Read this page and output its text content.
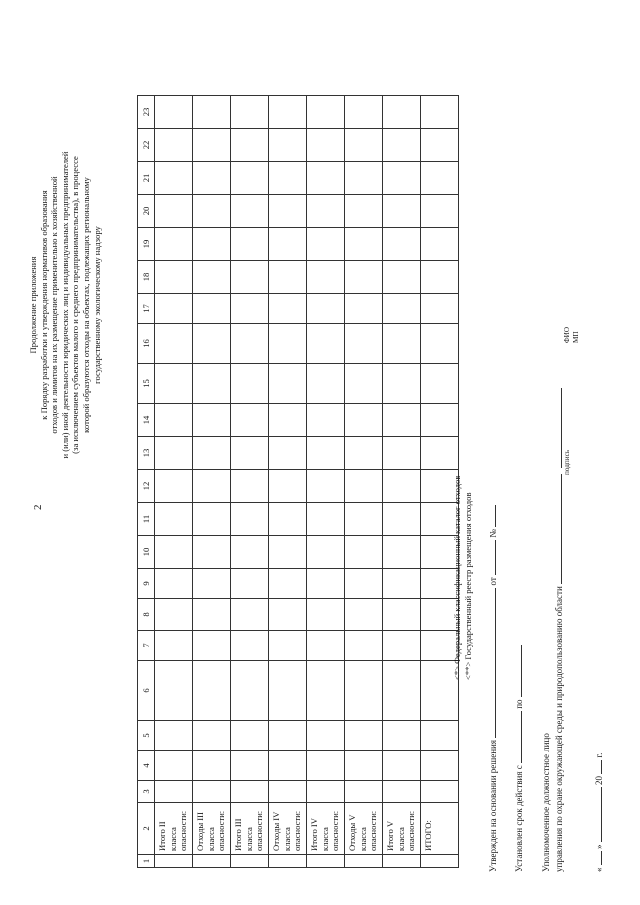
2
Продолжение приложения к Порядку разработки и утверждения нормативов образования отходов и лимитов на их размещение применительно к хозяйственной и (или) иной деятельности юридических лиц и индивидуальных предпринимателей (за исключением субъектов малого и среднего предпринимательства), в процессе которой образуются отходы на объектах, подлежащих региональному государственному экологическому надзору
1	2	3	4	5	6	7	8	9	10	11	12	13	14	15	16	17	18	19	20	21	22	23
	Итого II класса опасности:																					
	Отходы III класса опасности:																					
	Итого III класса опасности:																					
	Отходы IV класса опасности:																					
	Итого IV класса опасности:																					
	Отходы V класса опасности:																					
	Итого V класса опасности:																					
	ИТОГО:																					
<*> Федеральный классификационный каталог отходов <**> Государственный реестр размещения отходов
Утвержден на основании решения  от  №
Установлен срок действия с  по
Уполномоченное должностное лицо управления по охране окружающей среды и природопользованию области
подпись
ФИО МП
«  »  20  г.
